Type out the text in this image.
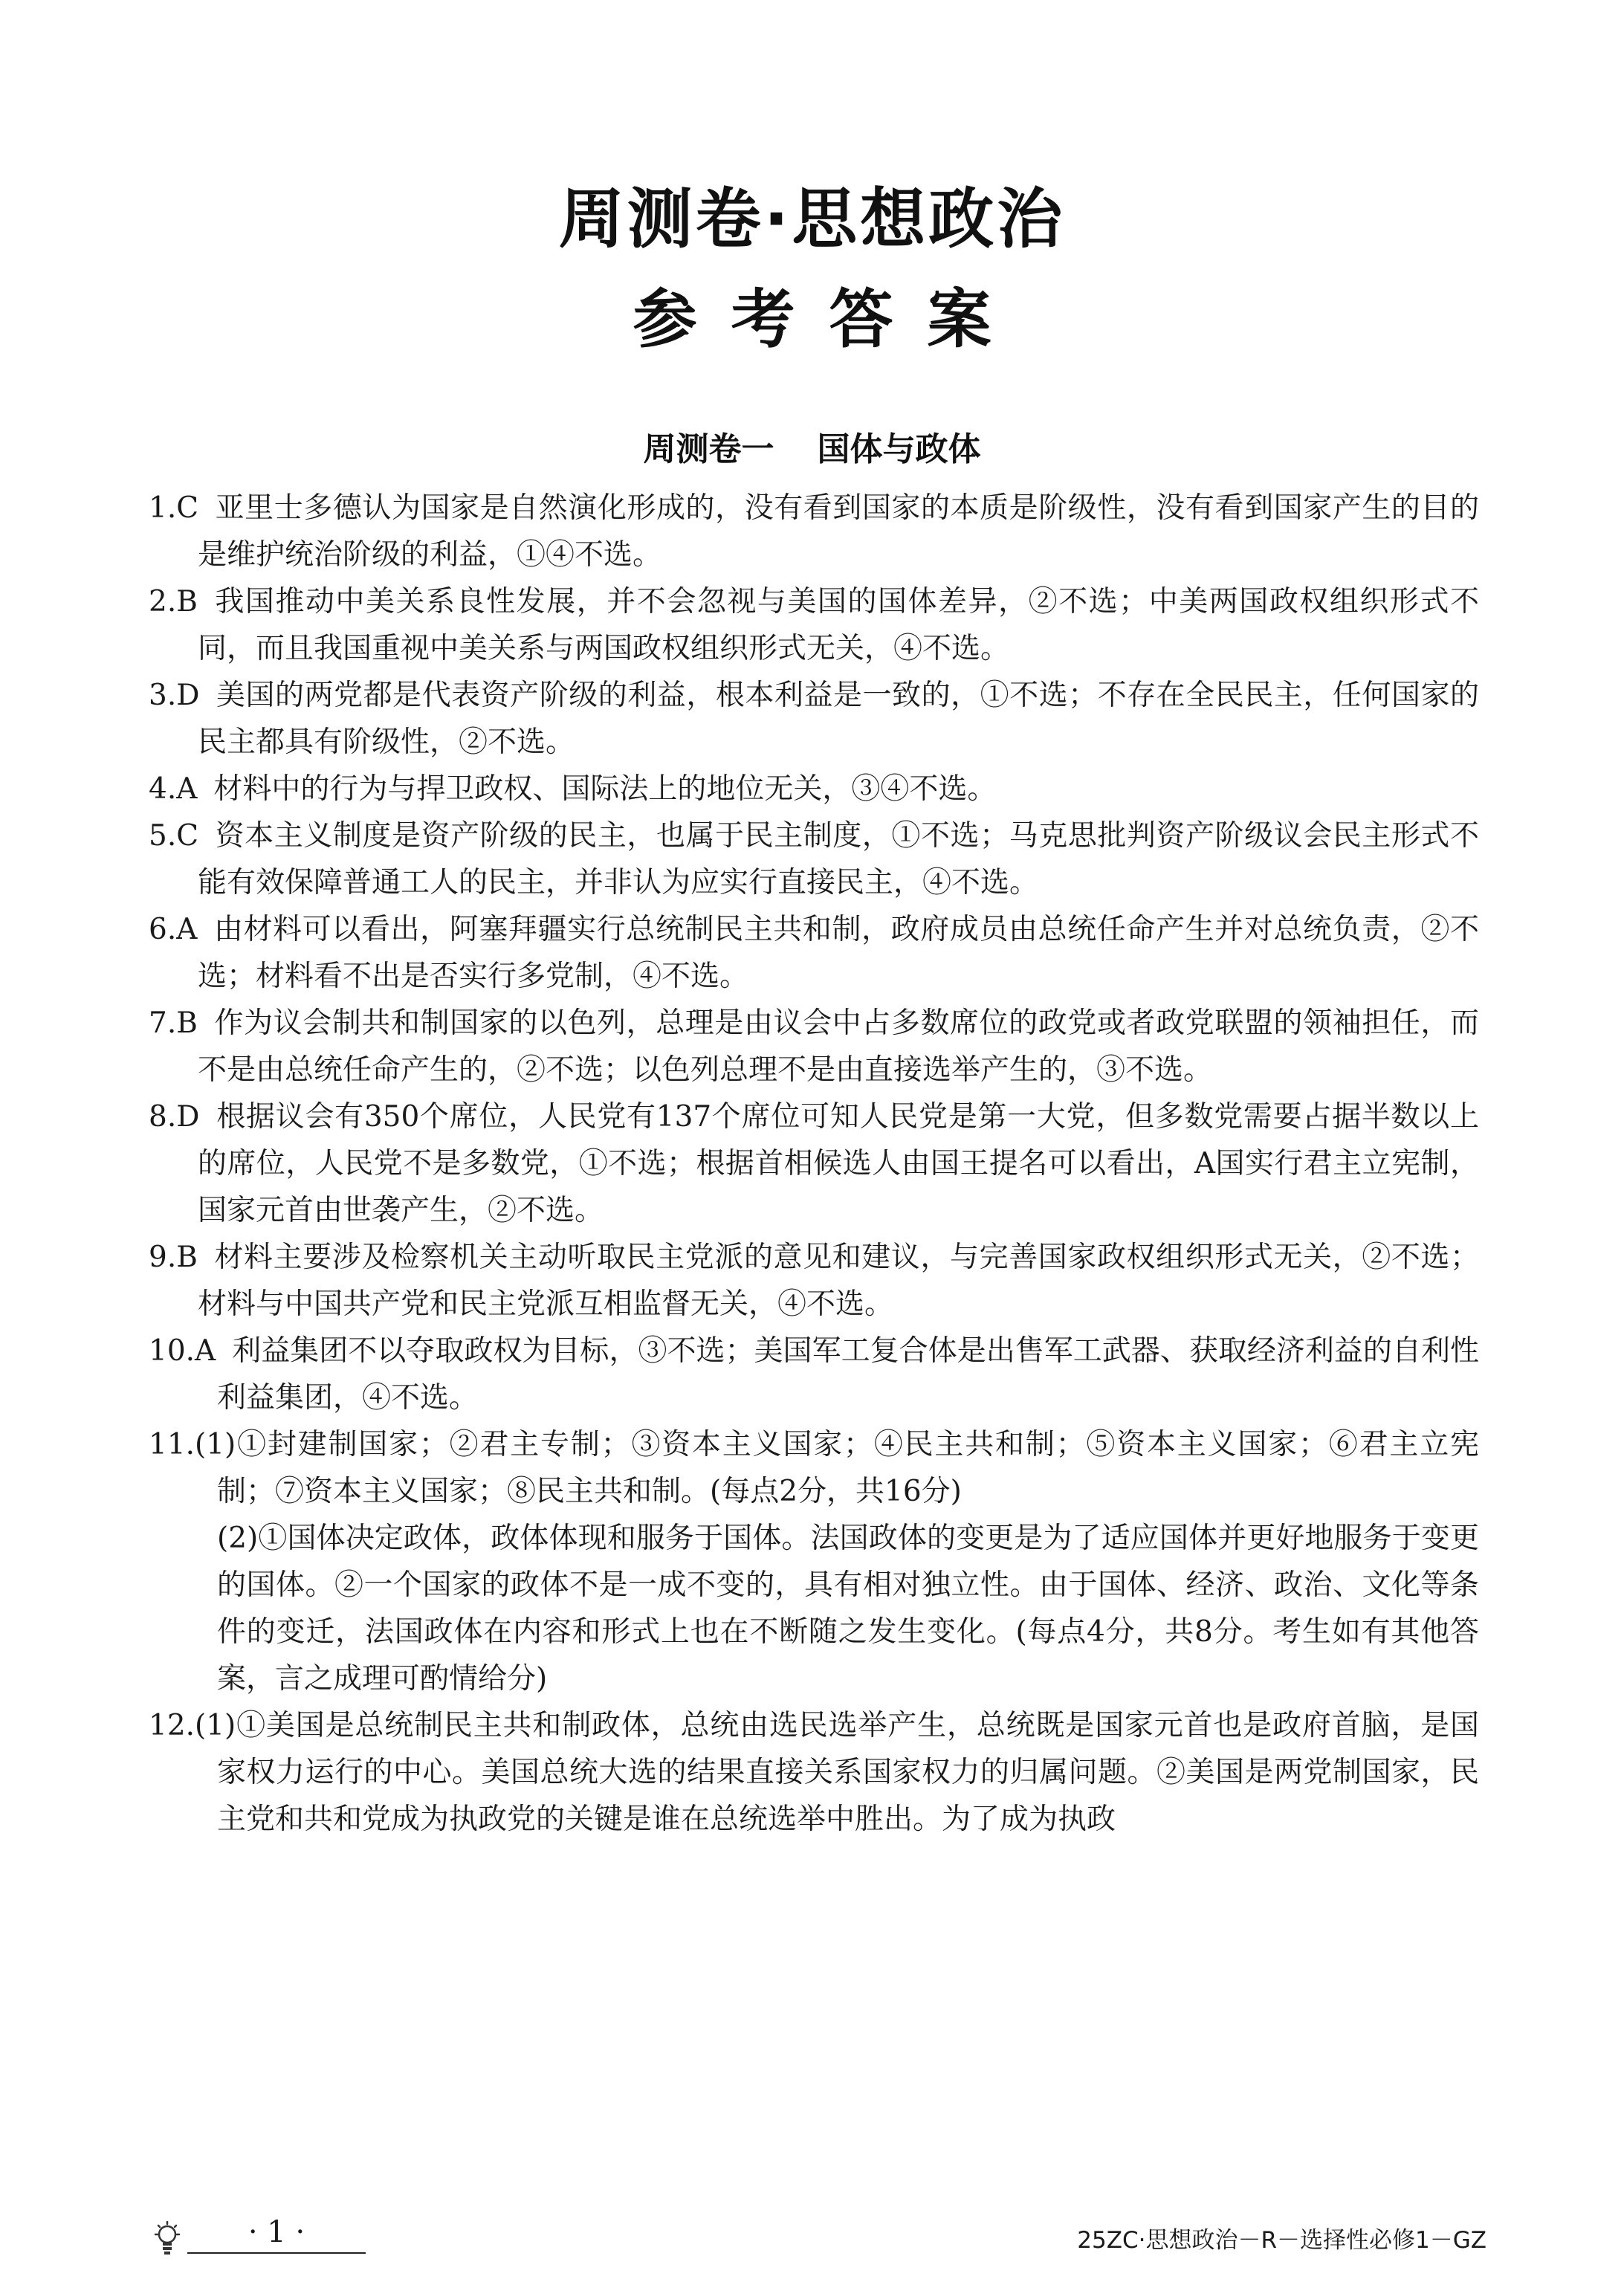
周测卷·思想政治
参考答案
周测卷一 国体与政体

1.C 亚里士多德认为国家是自然演化形成的，没有看到国家的本质是阶级性，没有看到国家产生的目的是维护统治阶级的利益，①④不选。

2.B 我国推动中美关系良性发展，并不会忽视与美国的国体差异，②不选；中美两国政权组织形式不同，而且我国重视中美关系与两国政权组织形式无关，④不选。

3.D 美国的两党都是代表资产阶级的利益，根本利益是一致的，①不选；不存在全民民主，任何国家的民主都具有阶级性，②不选。

4.A 材料中的行为与捍卫政权、国际法上的地位无关，③④不选。

5.C 资本主义制度是资产阶级的民主，也属于民主制度，①不选；马克思批判资产阶级议会民主形式不能有效保障普通工人的民主，并非认为应实行直接民主，④不选。

6.A 由材料可以看出，阿塞拜疆实行总统制民主共和制，政府成员由总统任命产生并对总统负责，②不选；材料看不出是否实行多党制，④不选。

7.B 作为议会制共和制国家的以色列，总理是由议会中占多数席位的政党或者政党联盟的领袖担任，而不是由总统任命产生的，②不选；以色列总理不是由直接选举产生的，③不选。

8.D 根据议会有350个席位，人民党有137个席位可知人民党是第一大党，但多数党需要占据半数以上的席位，人民党不是多数党，①不选；根据首相候选人由国王提名可以看出，A国实行君主立宪制，国家元首由世袭产生，②不选。

9.B 材料主要涉及检察机关主动听取民主党派的意见和建议，与完善国家政权组织形式无关，②不选；材料与中国共产党和民主党派互相监督无关，④不选。

10.A 利益集团不以夺取政权为目标，③不选；美国军工复合体是出售军工武器、获取经济利益的自利性利益集团，④不选。

11.(1)①封建制国家；②君主专制；③资本主义国家；④民主共和制；⑤资本主义国家；⑥君主立宪制；⑦资本主义国家；⑧民主共和制。(每点2分，共16分)

(2)①国体决定政体，政体体现和服务于国体。法国政体的变更是为了适应国体并更好地服务于变更的国体。②一个国家的政体不是一成不变的，具有相对独立性。由于国体、经济、政治、文化等条件的变迁，法国政体在内容和形式上也在不断随之发生变化。(每点4分，共8分。考生如有其他答案，言之成理可酌情给分)

12.(1)①美国是总统制民主共和制政体，总统由选民选举产生，总统既是国家元首也是政府首脑，是国家权力运行的中心。美国总统大选的结果直接关系国家权力的归属问题。②美国是两党制国家，民主党和共和党成为执政党的关键是谁在总统选举中胜出。为了成为执政

· 1 ·	25ZC·思想政治－R－选择性必修1－GZ
